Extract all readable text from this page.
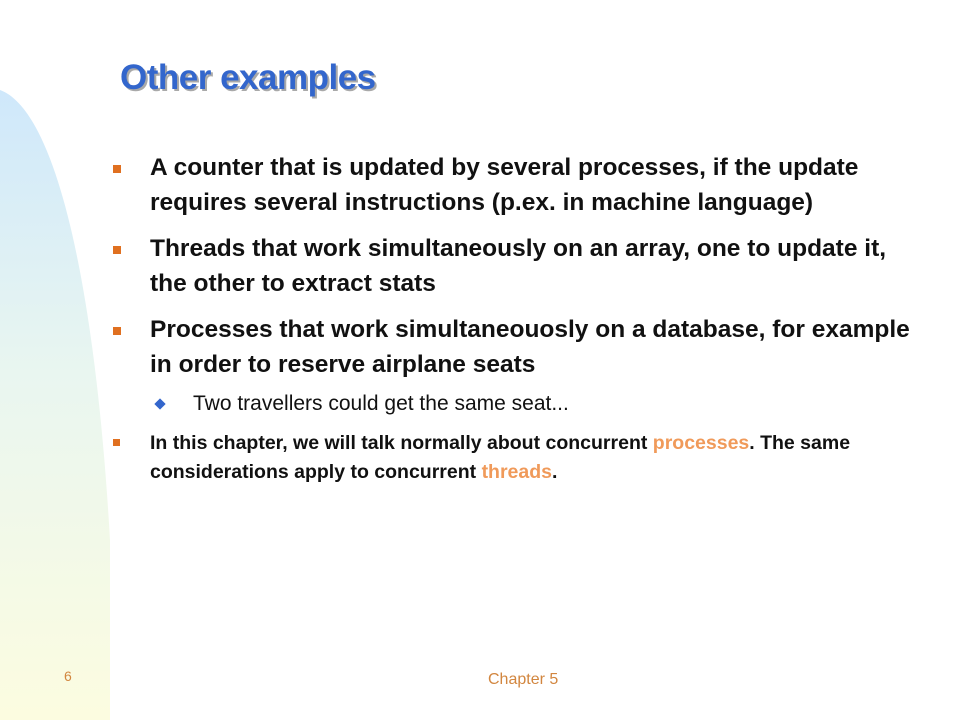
Other examples
A counter that is updated by several processes, if the update requires several instructions (p.ex. in machine language)
Threads that work simultaneously on an array, one to update it, the other to extract stats
Processes that work simultaneouosly on a database, for example in order to reserve airplane seats
Two travellers could get the same seat...
In this chapter, we will talk normally about concurrent processes. The same considerations apply to concurrent threads.
6	Chapter 5
